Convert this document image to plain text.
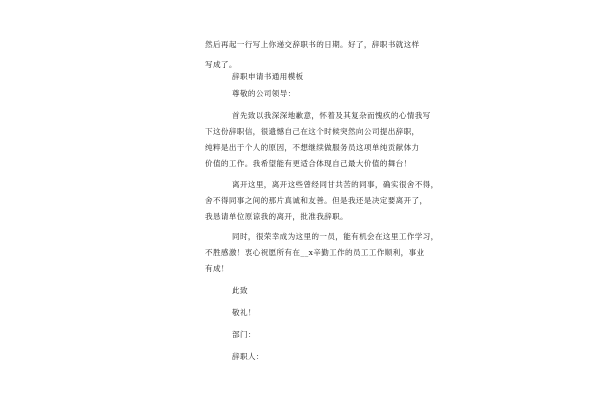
然后再起一行写上你递交辞职书的日期。好了，辞职书就这样
写成了。
辞职申请书通用模板
尊敬的公司领导：
首先致以我深深地歉意，怀着及其复杂而愧疚的心情我写
下这份辞职信，很遗憾自己在这个时候突然向公司提出辞职，
纯粹是出于个人的原因，不想继续做服务员这项单纯贡献体力
价值的工作。我希望能有更适合体现自己最大价值的舞台！
离开这里，离开这些曾经同甘共苦的同事，确实很舍不得，
舍不得同事之间的那片真诚和友善。但是我还是决定要离开了，
我恳请单位原谅我的离开，批准我辞职。
同时，很荣幸成为这里的一员，能有机会在这里工作学习，
不胜感激！衷心祝愿所有在__x辛勤工作的员工工作顺利，事业
有成！
此致
敬礼！
部门：
辞职人：
